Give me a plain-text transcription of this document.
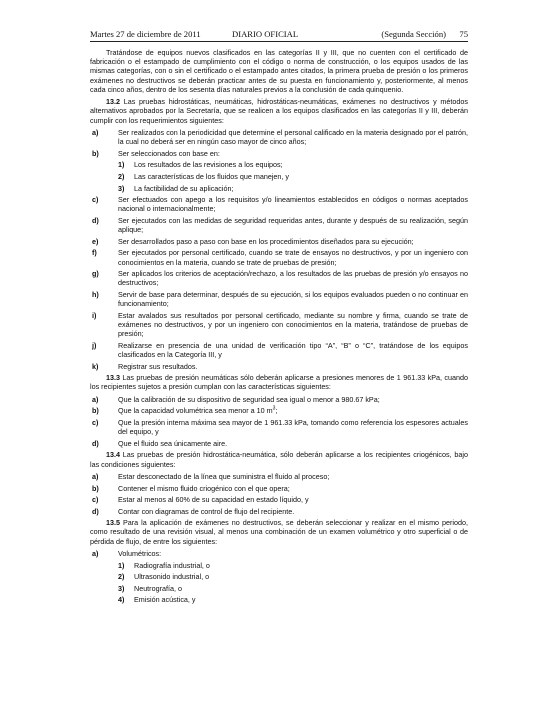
Martes 27 de diciembre de 2011	DIARIO OFICIAL	(Segunda Sección) 75

Tratándose de equipos nuevos clasificados en las categorías II y III, que no cuenten con el certificado de fabricación o el estampado de cumplimiento con el código o norma de construcción, o los equipos usados de las mismas categorías, con o sin el certificado o el estampado antes citados, la primera prueba de presión o los primeros exámenes no destructivos se deberán practicar antes de su puesta en funcionamiento y, posteriormente, al menos cada cinco años, dentro de los sesenta días naturales previos a la conclusión de cada quinquenio.

13.2 Las pruebas hidrostáticas, neumáticas, hidrostáticas-neumáticas, exámenes no destructivos y métodos alternativos aprobados por la Secretaría, que se realicen a los equipos clasificados en las categorías II y III, deberán cumplir con los requerimientos siguientes:

a)	Ser realizados con la periodicidad que determine el personal calificado en la materia designado por el patrón, la cual no deberá ser en ningún caso mayor de cinco años;
b)	Ser seleccionados con base en:
1)	Los resultados de las revisiones a los equipos;
2)	Las características de los fluidos que manejen, y
3)	La factibilidad de su aplicación;
c)	Ser efectuados con apego a los requisitos y/o lineamientos establecidos en códigos o normas aceptados nacional o internacionalmente;
d)	Ser ejecutados con las medidas de seguridad requeridas antes, durante y después de su realización, según aplique;
e)	Ser desarrollados paso a paso con base en los procedimientos diseñados para su ejecución;
f)	Ser ejecutados por personal certificado, cuando se trate de ensayos no destructivos, y por un ingeniero con conocimientos en la materia, cuando se trate de pruebas de presión;
g)	Ser aplicados los criterios de aceptación/rechazo, a los resultados de las pruebas de presión y/o ensayos no destructivos;
h)	Servir de base para determinar, después de su ejecución, si los equipos evaluados pueden o no continuar en funcionamiento;
i)	Estar avalados sus resultados por personal certificado, mediante su nombre y firma, cuando se trate de exámenes no destructivos, y por un ingeniero con conocimientos en la materia, tratándose de pruebas de presión;
j)	Realizarse en presencia de una unidad de verificación tipo “A”, “B” o “C”, tratándose de los equipos clasificados en la Categoría III, y
k)	Registrar sus resultados.

13.3 Las pruebas de presión neumáticas sólo deberán aplicarse a presiones menores de 1 961.33 kPa, cuando los recipientes sujetos a presión cumplan con las características siguientes:

a)	Que la calibración de su dispositivo de seguridad sea igual o menor a 980.67 kPa;
b)	Que la capacidad volumétrica sea menor a 10 $m^3$;
c)	Que la presión interna máxima sea mayor de 1 961.33 kPa, tomando como referencia los espesores actuales del equipo, y
d)	Que el fluido sea únicamente aire.

13.4 Las pruebas de presión hidrostática-neumática, sólo deberán aplicarse a los recipientes criogénicos, bajo las condiciones siguientes:

a)	Estar desconectado de la línea que suministra el fluido al proceso;
b)	Contener el mismo fluido criogénico con el que opera;
c)	Estar al menos al 60% de su capacidad en estado líquido, y
d)	Contar con diagramas de control de flujo del recipiente.

13.5 Para la aplicación de exámenes no destructivos, se deberán seleccionar y realizar en el mismo periodo, como resultado de una revisión visual, al menos una combinación de un examen volumétrico y otro superficial o de pérdida de flujo, de entre los siguientes:

a)	Volumétricos:
1)	Radiografía industrial, o
2)	Ultrasonido industrial, o
3)	Neutrografía, o
4)	Emisión acústica, y
